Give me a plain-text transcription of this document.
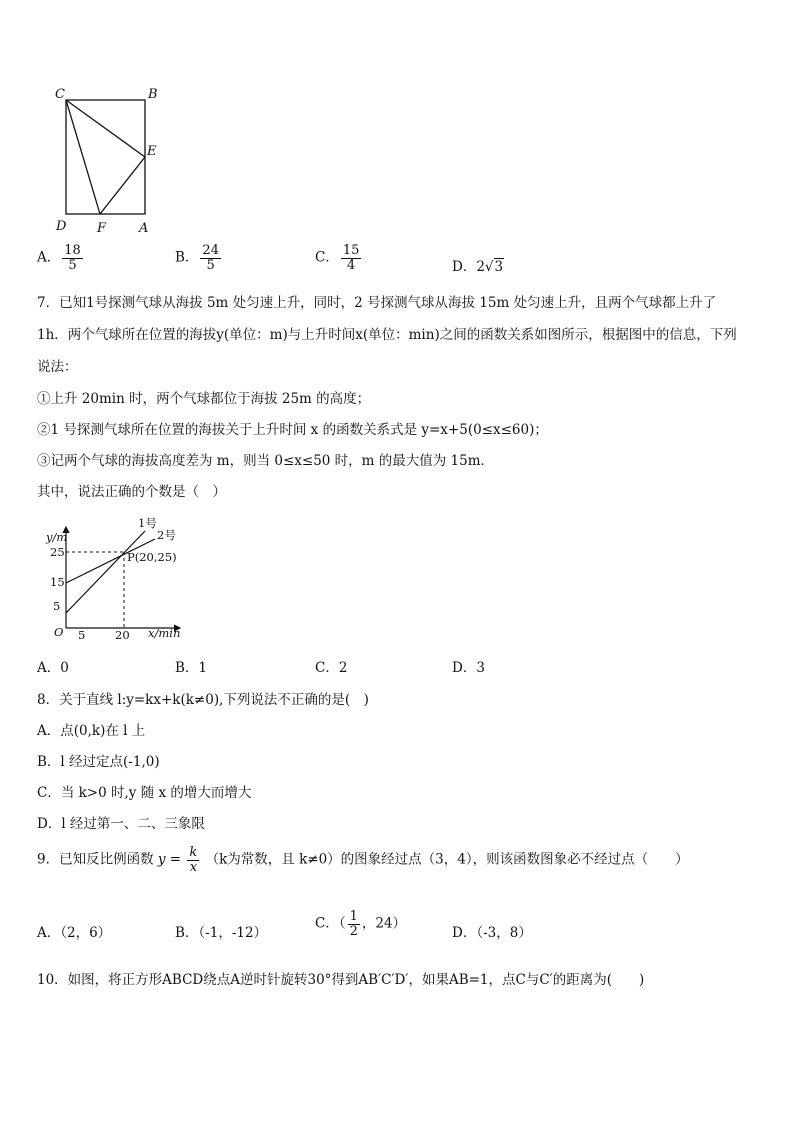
C	B
E
D F	A
A． $\frac{18}{5}$	B． $\frac{24}{5}$	C． $\frac{15}{4}$	D．2√3
7．已知1号探测气球从海拔 5m 处匀速上升，同时，2 号探测气球从海拔 15m 处匀速上升，且两个气球都上升了
1h．两个气球所在位置的海拔y(单位：m)与上升时间x(单位：min)之间的函数关系如图所示，根据图中的信息，下列
说法：
①上升 20min 时，两个气球都位于海拔 25m 的高度；
②1 号探测气球所在位置的海拔关于上升时间 x 的函数关系式是 y=x+5(0≤x≤60)；
③记两个气球的海拔高度差为 m，则当 0≤x≤50 时，m 的最大值为 15m．
其中，说法正确的个数是（　）
y/m
25
15
5
O 5	20 x/min
1号
2号
P(20,25)
A．0	B．1	C．2	D．3
8．关于直线 l:y=kx+k(k≠0),下列说法不正确的是(　)
A．点(0,k)在 l 上
B．l 经过定点(-1,0)
C．当 k>0 时,y 随 x 的增大而增大
D．l 经过第一、二、三象限
9．已知反比例函数 $y = \frac{k}{x} (k$为常数，且 k≠0）的图象经过点（3，4），则该函数图象必不经过点（　　）
A．（2，6）	B．（-1，-12）
C．（ $\frac{1}{2}$ ，24）
D．（-3，8）
10．如图，将正方形ABCD绕点A逆时针旋转30°得到AB′C′D′，如果AB=1，点C与C′的距离为(　　)
